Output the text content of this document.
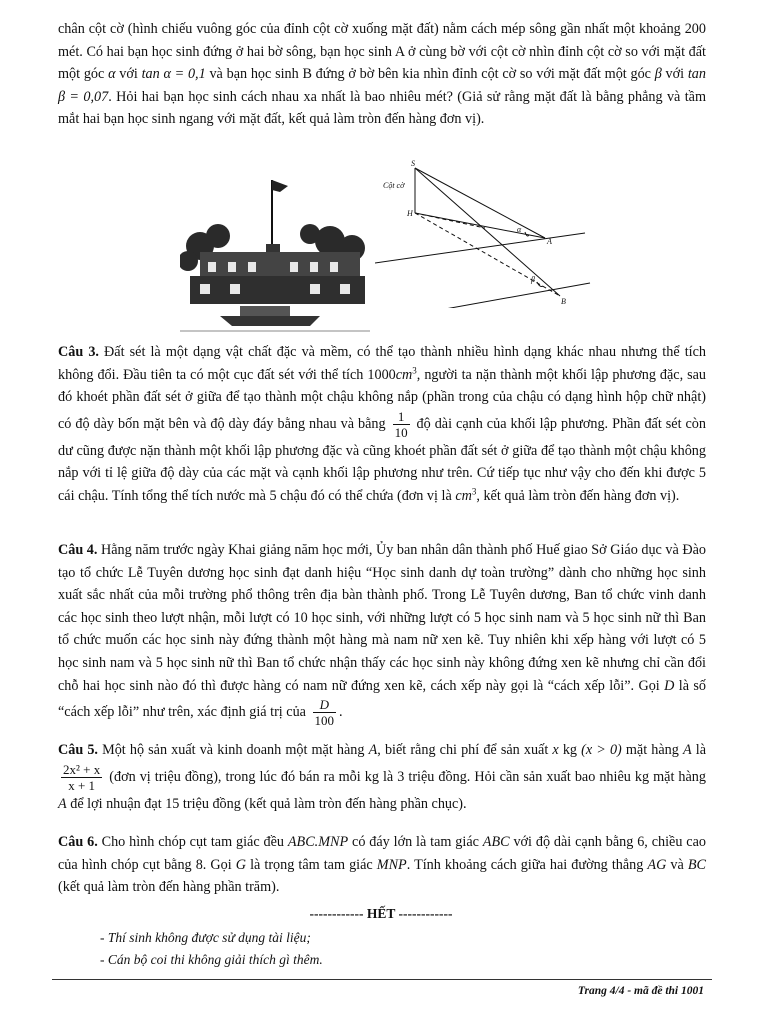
chân cột cờ (hình chiếu vuông góc của đỉnh cột cờ xuống mặt đất) nằm cách mép sông gần nhất một khoảng 200 mét. Có hai bạn học sinh đứng ở hai bờ sông, bạn học sinh A ở cùng bờ với cột cờ nhìn đỉnh cột cờ so với mặt đất một góc α với tan α = 0,1 và bạn học sinh B đứng ở bờ bên kia nhìn đỉnh cột cờ so với mặt đất một góc β với tan β = 0,07. Hỏi hai bạn học sinh cách nhau xa nhất là bao nhiêu mét? (Giả sử rằng mặt đất là bằng phẳng và tầm mắt hai bạn học sinh ngang với mặt đất, kết quả làm tròn đến hàng đơn vị).
S
Cột cờ
H
A
B
α
β
Câu 3. Đất sét là một dạng vật chất đặc và mềm, có thể tạo thành nhiều hình dạng khác nhau nhưng thể tích không đổi. Đầu tiên ta có một cục đất sét với thể tích $1000cm^3$, người ta nặn thành một khối lập phương đặc, sau đó khoét phần đất sét ở giữa để tạo thành một chậu không nắp (phần trong của chậu có dạng hình hộp chữ nhật) có độ dày bốn mặt bên và độ dày đáy bằng nhau và bằng $\frac{1}{10}$ độ dài cạnh của khối lập phương. Phần đất sét còn dư cũng được nặn thành một khối lập phương đặc và cũng khoét phần đất sét ở giữa để tạo thành một chậu không nắp với tỉ lệ giữa độ dày của các mặt và cạnh khối lập phương như trên. Cứ tiếp tục như vậy cho đến khi được 5 cái chậu. Tính tổng thể tích nước mà 5 chậu đó có thể chứa (đơn vị là $cm^3$, kết quả làm tròn đến hàng đơn vị).
Câu 4. Hằng năm trước ngày Khai giảng năm học mới, Ủy ban nhân dân thành phố Huế giao Sở Giáo dục và Đào tạo tổ chức Lễ Tuyên dương học sinh đạt danh hiệu “Học sinh danh dự toàn trường” dành cho những học sinh xuất sắc nhất của mỗi trường phổ thông trên địa bàn thành phố. Trong Lễ Tuyên dương, Ban tổ chức vinh danh các học sinh theo lượt nhận, mỗi lượt có 10 học sinh, với những lượt có 5 học sinh nam và 5 học sinh nữ thì Ban tổ chức muốn các học sinh này đứng thành một hàng mà nam nữ xen kẽ. Tuy nhiên khi xếp hàng với lượt có 5 học sinh nam và 5 học sinh nữ thì Ban tổ chức nhận thấy các học sinh này không đứng xen kẽ nhưng chỉ cần đổi chỗ hai học sinh nào đó thì được hàng có nam nữ đứng xen kẽ, cách xếp này gọi là “cách xếp lỗi”. Gọi D là số “cách xếp lỗi” như trên, xác định giá trị của $\frac{D}{100}$ .
Câu 5. Một hộ sản xuất và kinh doanh một mặt hàng A, biết rằng chi phí để sản xuất x kg (x > 0) mặt hàng A là
$\frac{\text{2x² + x}}{x + 1}$ (đơn vị triệu đồng), trong lúc đó bán ra mỗi kg là 3 triệu đồng. Hỏi cần sản xuất bao nhiêu kg mặt hàng A để lợi nhuận đạt 15 triệu đồng (kết quả làm tròn đến hàng phần chục).
Câu 6. Cho hình chóp cụt tam giác đều ABC.MNP có đáy lớn là tam giác ABC với độ dài cạnh bằng 6, chiều cao của hình chóp cụt bằng 8. Gọi G là trọng tâm tam giác MNP. Tính khoảng cách giữa hai đường thẳng AG và BC (kết quả làm tròn đến hàng phần trăm).
------------ HẾT ------------
- Thí sinh không được sử dụng tài liệu;
- Cán bộ coi thi không giải thích gì thêm.
Trang 4/4 - mã đề thi 1001
